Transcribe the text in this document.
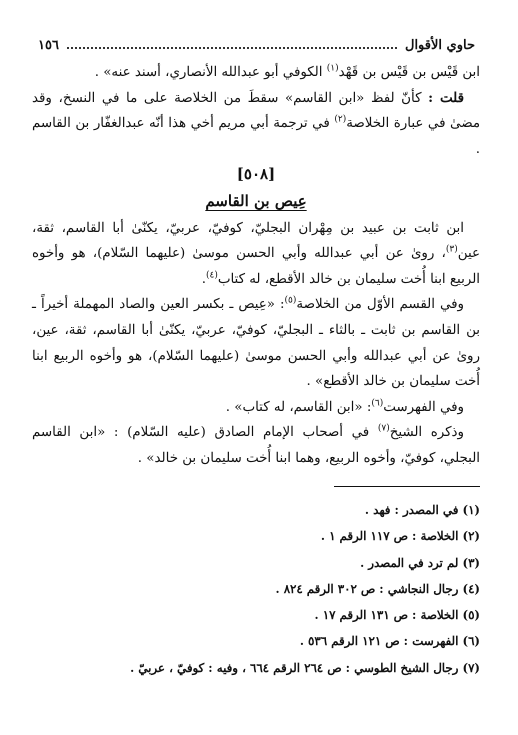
حاوي الأقوال
١٥٦

ابن قَيْس بن قَيْس بن قَهْد$^{(١)}$ الكوفي أبو عبدالله الأنصاري، أسند عنه» .

قلت : كأنّ لفظ «ابن القاسم» سقطَ من الخلاصة على ما في النسخ، وقد مضىٰ في عبارة الخلاصة$^{(٢)}$ في ترجمة أبي مريم أخي هذا أنّه عبدالغفّار بن القاسم .

[٥٠٨]

عِيص بن القاسم

ابن ثابت بن عبيد بن مِهْران البجليّ، كوفيّ، عربيّ، يكنّىٰ أبا القاسم، ثقة، عين$^{(٣)}$، روىٰ عن أبي عبدالله وأبي الحسن موسىٰ (عليهما السّلام)، هو وأخوه الربيع ابنا أُخت سليمان بن خالد الأقطع، له كتاب$^{(٤)}$.

وفي القسم الأوّل من الخلاصة$^{(٥)}$: «عِيص ـ بكسر العين والصاد المهملة أخيراً ـ بن القاسم بن ثابت ـ بالثاء ـ البجليّ، كوفيّ، عربيّ، يكنّىٰ أبا القاسم، ثقة، عين، روىٰ عن أبي عبدالله وأبي الحسن موسىٰ (عليهما السّلام)، هو وأخوه الربيع ابنا أُخت سليمان بن خالد الأقطع» .

وفي الفهرست$^{(٦)}$: «ابن القاسم، له كتاب» .

وذكره الشيخ$^{(٧)}$ في أصحاب الإمام الصادق (عليه السّلام) : «ابن القاسم البجلي، كوفيّ، وأخوه الربيع، وهما ابنا أُخت سليمان بن خالد» .

(١) في المصدر : فهد .
(٢) الخلاصة : ص ١١٧ الرقم ١ .
(٣) لم ترد في المصدر .
(٤) رجال النجاشي : ص ٣٠٢ الرقم ٨٢٤ .
(٥) الخلاصة : ص ١٣١ الرقم ١٧ .
(٦) الفهرست : ص ١٢١ الرقم ٥٣٦ .
(٧) رجال الشيخ الطوسي : ص ٢٦٤ الرقم ٦٦٤ ، وفيه : كوفيّ ، عربيّ .
